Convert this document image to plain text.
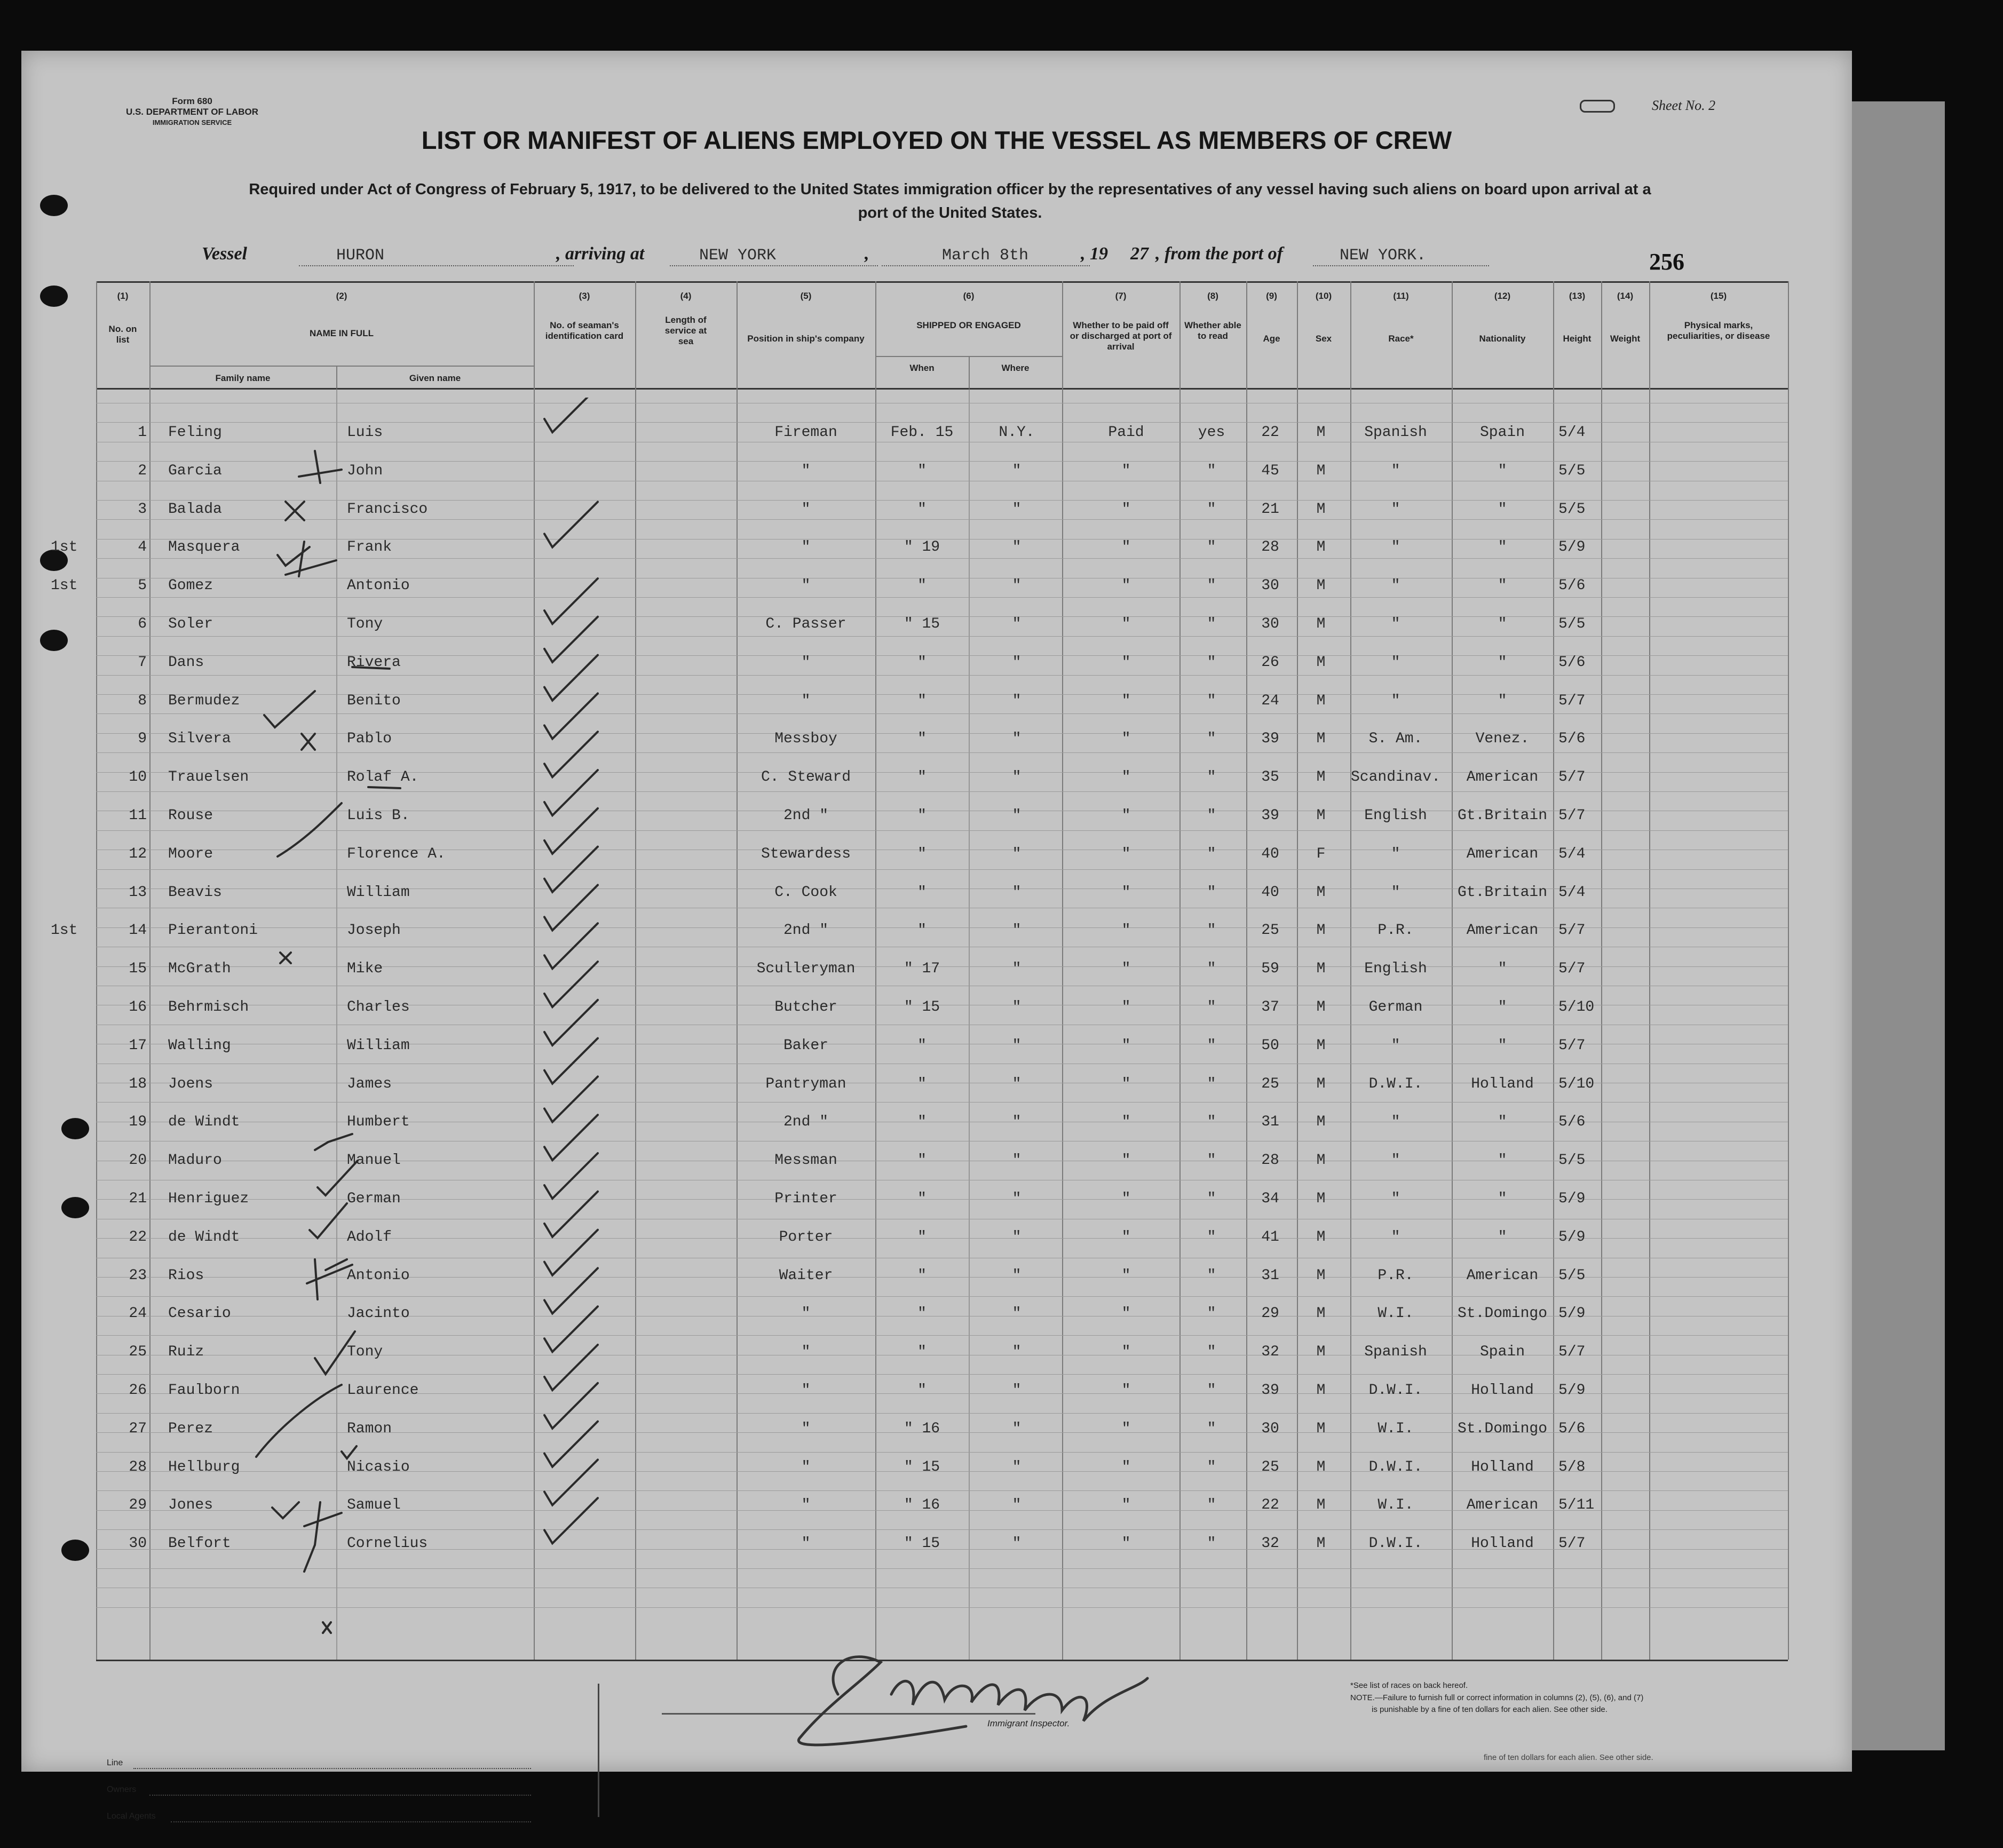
Form 680
U.S. DEPARTMENT OF LABOR
IMMIGRATION SERVICE
Sheet No. 2
LIST OR MANIFEST OF ALIENS EMPLOYED ON THE VESSEL AS MEMBERS OF CREW
Required under Act of Congress of February 5, 1917, to be delivered to the United States immigration officer by the representatives of any vessel having such aliens on board upon arrival at a
port of the United States.
Vessel	HURON	, arriving at	NEW YORK	,	March 8th	, 19 27 , from the port of	NEW YORK.	256
(1)
No. on list
(2)
NAME IN FULL
Family name	Given name
(3)
No. of seaman's identification card
(4)
Length of service at sea
(5)
Position in ship's company
(6)
SHIPPED OR ENGAGED
When	Where
(7)
Whether to be paid off or discharged at port of arrival
(8)
Whether able to read
(9)
Age
(10)
Sex
(11)
Race*
(12)
Nationality
(13)
Height
(14)
Weight
(15)
Physical marks, peculiarities, or disease
1 Feling	Luis	Fireman	Feb. 15	N.Y.	Paid	yes	22	M	Spanish	Spain	5/4
2 Garcia	John	"	"	"	"	"	45	M	"	"	5/5
3 Balada	Francisco	"	"	"	"	"	21	M	"	"	5/5
1st	4 Masquera	Frank	"	" 19	"	"	"	28	M	"	"	5/9
1st	5 Gomez	Antonio	"	"	"	"	"	30	M	"	"	5/6
6 Soler	Tony	C. Passer	" 15	"	"	"	30	M	"	"	5/5
7 Dans	Rivera	"	"	"	"	"	26	M	"	"	5/6
8 Bermudez	Benito	"	"	"	"	"	24	M	"	"	5/7
9 Silvera	Pablo	Messboy	"	"	"	"	39	M	S. Am.	Venez.	5/6
10 Trauelsen	Rolaf A.	C. Steward	"	"	"	"	35	M	Scandinav.	American	5/7
11 Rouse	Luis B.	2nd "	"	"	"	"	39	M	English	Gt.Britain 5/7
12 Moore	Florence A.	Stewardess	"	"	"	"	40	F	"	American	5/4
13 Beavis	William	C. Cook	"	"	"	"	40	M	"	Gt.Britain 5/4
1st	14 Pierantoni	Joseph	2nd "	"	"	"	"	25	M	P.R.	American	5/7
15 McGrath	Mike	Sculleryman	" 17	"	"	"	59	M	English	"	5/7
16 Behrmisch	Charles	Butcher	" 15	"	"	"	37	M	German	"	5/10
17 Walling	William	Baker	"	"	"	"	50	M	"	"	5/7
18 Joens	James	Pantryman	"	"	"	"	25	M	D.W.I.	Holland	5/10
19 de Windt	Humbert	2nd "	"	"	"	"	31	M	"	"	5/6
20 Maduro	Manuel	Messman	"	"	"	"	28	M	"	"	5/5
21 Henriguez	German	Printer	"	"	"	"	34	M	"	"	5/9
22 de Windt	Adolf	Porter	"	"	"	"	41	M	"	"	5/9
23 Rios	Antonio	Waiter	"	"	"	"	31	M	P.R.	American	5/5
24 Cesario	Jacinto	"	"	"	"	"	29	M	W.I.	St.Domingo 5/9
25 Ruiz	Tony	"	"	"	"	"	32	M	Spanish	Spain	5/7
26 Faulborn	Laurence	"	"	"	"	"	39	M	D.W.I.	Holland	5/9
27 Perez	Ramon	"	" 16	"	"	"	30	M	W.I.	St.Domingo 5/6
28 Hellburg	Nicasio	"	" 15	"	"	"	25	M	D.W.I.	Holland	5/8
29 Jones	Samuel	"	" 16	"	"	"	22	M	W.I.	American	5/11
30 Belfort	Cornelius	"	" 15	"	"	"	32	M	D.W.I.	Holland	5/7
Line
Owners
Local Agents
Immigrant Inspector.
*See list of races on back hereof.
NOTE.—Failure to furnish full or correct information in columns (2), (5), (6), and (7)
is punishable by a fine of ten dollars for each alien. See other side.
fine of ten dollars for each alien. See other side.
